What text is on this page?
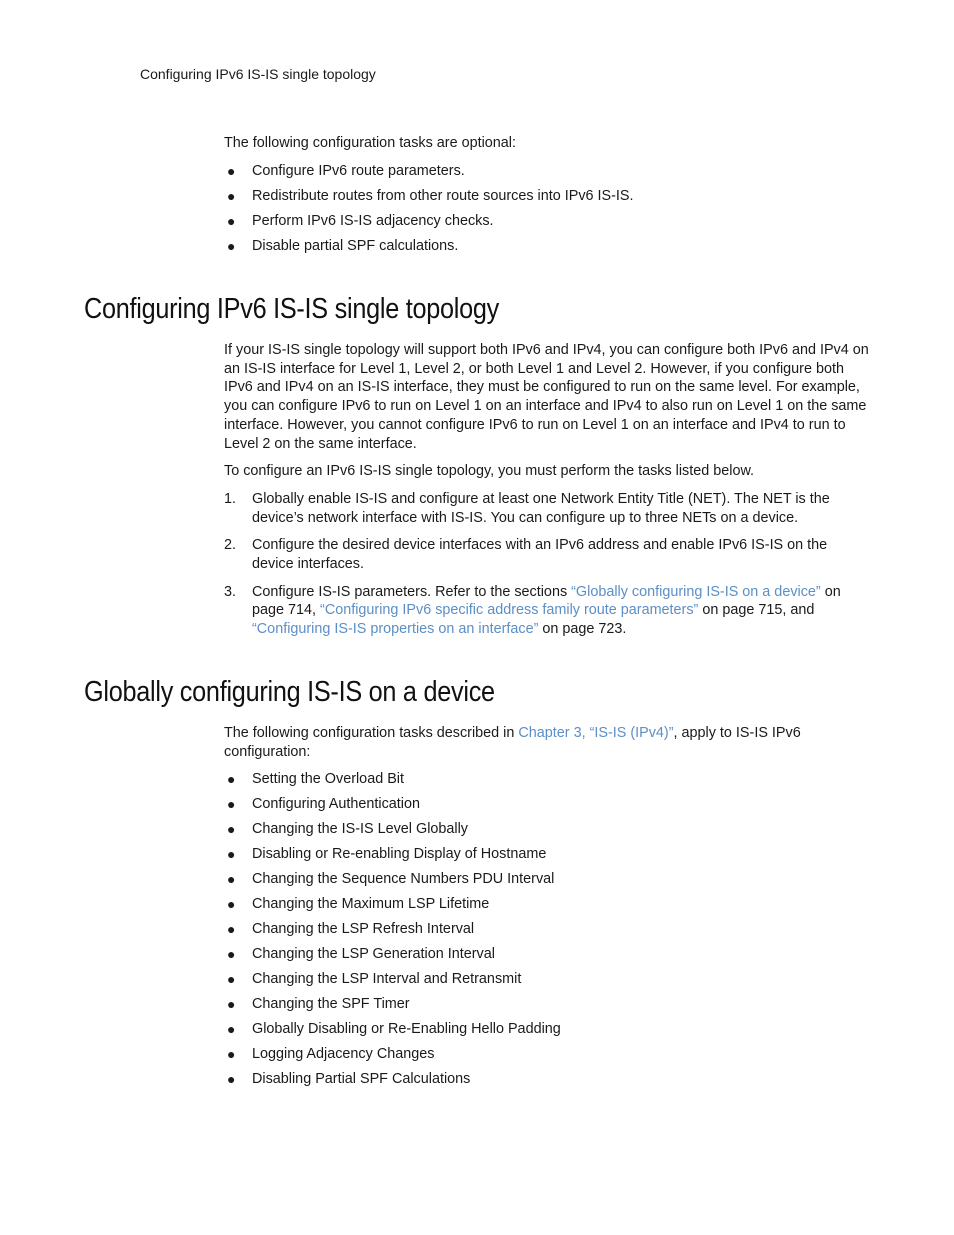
Configuring IPv6 IS-IS single topology

The following configuration tasks are optional:

● Configure IPv6 route parameters.
● Redistribute routes from other route sources into IPv6 IS-IS.
● Perform IPv6 IS-IS adjacency checks.
● Disable partial SPF calculations.
Configuring IPv6 IS-IS single topology

If your IS-IS single topology will support both IPv6 and IPv4, you can configure both IPv6 and IPv4 on an IS-IS interface for Level 1, Level 2, or both Level 1 and Level 2. However, if you configure both IPv6 and IPv4 on an IS-IS interface, they must be configured to run on the same level. For example, you can configure IPv6 to run on Level 1 on an interface and IPv4 to also run on Level 1 on the same interface. However, you cannot configure IPv6 to run on Level 1 on an interface and IPv4 to run to Level 2 on the same interface.

To configure an IPv6 IS-IS single topology, you must perform the tasks listed below.

1. Globally enable IS-IS and configure at least one Network Entity Title (NET). The NET is the device’s network interface with IS-IS. You can configure up to three NETs on a device.
2. Configure the desired device interfaces with an IPv6 address and enable IPv6 IS-IS on the device interfaces.
3. Configure IS-IS parameters. Refer to the sections “Globally configuring IS-IS on a device” on page 714, “Configuring IPv6 specific address family route parameters” on page 715, and “Configuring IS-IS properties on an interface” on page 723.
Globally configuring IS-IS on a device

The following configuration tasks described in Chapter 3, “IS-IS (IPv4)”, apply to IS-IS IPv6 configuration:

● Setting the Overload Bit
● Configuring Authentication
● Changing the IS-IS Level Globally
● Disabling or Re-enabling Display of Hostname
● Changing the Sequence Numbers PDU Interval
● Changing the Maximum LSP Lifetime
● Changing the LSP Refresh Interval
● Changing the LSP Generation Interval
● Changing the LSP Interval and Retransmit
● Changing the SPF Timer
● Globally Disabling or Re-Enabling Hello Padding
● Logging Adjacency Changes
● Disabling Partial SPF Calculations
